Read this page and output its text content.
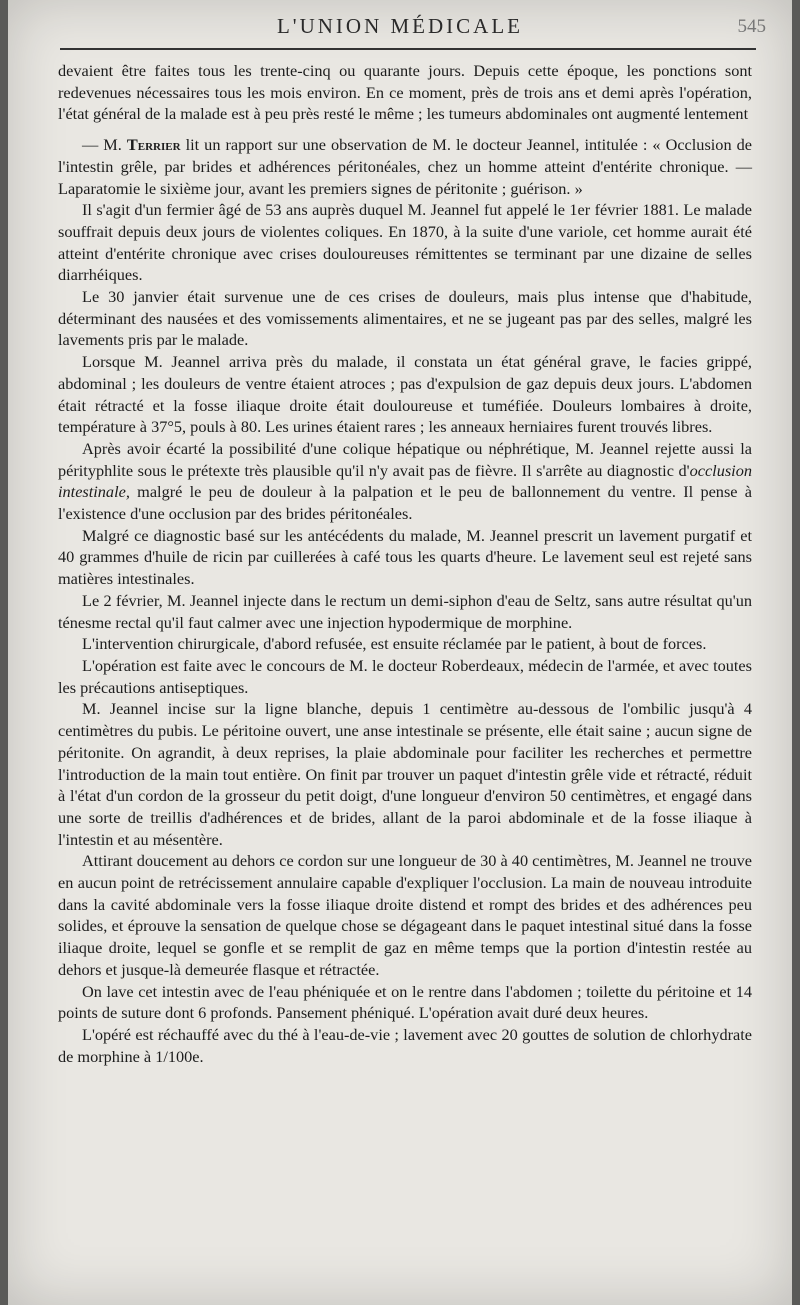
L'UNION MÉDICALE	545

devaient être faites tous les trente-cinq ou quarante jours. Depuis cette époque, les ponctions sont redevenues nécessaires tous les mois environ. En ce moment, près de trois ans et demi après l'opération, l'état général de la malade est à peu près resté le même ; les tumeurs abdominales ont augmenté lentement

— M. Terrier lit un rapport sur une observation de M. le docteur Jeannel, intitulée : « Occlusion de l'intestin grêle, par brides et adhérences péritonéales, chez un homme atteint d'entérite chronique. — Laparatomie le sixième jour, avant les premiers signes de péritonite ; guérison. »

Il s'agit d'un fermier âgé de 53 ans auprès duquel M. Jeannel fut appelé le 1er février 1881. Le malade souffrait depuis deux jours de violentes coliques. En 1870, à la suite d'une variole, cet homme aurait été atteint d'entérite chronique avec crises douloureuses rémittentes se terminant par une dizaine de selles diarrhéiques.

Le 30 janvier était survenue une de ces crises de douleurs, mais plus intense que d'habitude, déterminant des nausées et des vomissements alimentaires, et ne se jugeant pas par des selles, malgré les lavements pris par le malade.

Lorsque M. Jeannel arriva près du malade, il constata un état général grave, le facies grippé, abdominal ; les douleurs de ventre étaient atroces ; pas d'expulsion de gaz depuis deux jours. L'abdomen était rétracté et la fosse iliaque droite était douloureuse et tuméfiée. Douleurs lombaires à droite, température à 37°5, pouls à 80. Les urines étaient rares ; les anneaux herniaires furent trouvés libres.

Après avoir écarté la possibilité d'une colique hépatique ou néphrétique, M. Jeannel rejette aussi la pérityphlite sous le prétexte très plausible qu'il n'y avait pas de fièvre. Il s'arrête au diagnostic d'occlusion intestinale, malgré le peu de douleur à la palpation et le peu de ballonnement du ventre. Il pense à l'existence d'une occlusion par des brides péritonéales.

Malgré ce diagnostic basé sur les antécédents du malade, M. Jeannel prescrit un lavement purgatif et 40 grammes d'huile de ricin par cuillerées à café tous les quarts d'heure. Le lavement seul est rejeté sans matières intestinales.

Le 2 février, M. Jeannel injecte dans le rectum un demi-siphon d'eau de Seltz, sans autre résultat qu'un ténesme rectal qu'il faut calmer avec une injection hypodermique de morphine.

L'intervention chirurgicale, d'abord refusée, est ensuite réclamée par le patient, à bout de forces.

L'opération est faite avec le concours de M. le docteur Roberdeaux, médecin de l'armée, et avec toutes les précautions antiseptiques.

M. Jeannel incise sur la ligne blanche, depuis 1 centimètre au-dessous de l'ombilic jusqu'à 4 centimètres du pubis. Le péritoine ouvert, une anse intestinale se présente, elle était saine ; aucun signe de péritonite. On agrandit, à deux reprises, la plaie abdominale pour faciliter les recherches et permettre l'introduction de la main tout entière. On finit par trouver un paquet d'intestin grêle vide et rétracté, réduit à l'état d'un cordon de la grosseur du petit doigt, d'une longueur d'environ 50 centimètres, et engagé dans une sorte de treillis d'adhérences et de brides, allant de la paroi abdominale et de la fosse iliaque à l'intestin et au mésentère.

Attirant doucement au dehors ce cordon sur une longueur de 30 à 40 centimètres, M. Jeannel ne trouve en aucun point de retrécissement annulaire capable d'expliquer l'occlusion. La main de nouveau introduite dans la cavité abdominale vers la fosse iliaque droite distend et rompt des brides et des adhérences peu solides, et éprouve la sensation de quelque chose se dégageant dans le paquet intestinal situé dans la fosse iliaque droite, lequel se gonfle et se remplit de gaz en même temps que la portion d'intestin restée au dehors et jusque-là demeurée flasque et rétractée.

On lave cet intestin avec de l'eau phéniquée et on le rentre dans l'abdomen ; toilette du péritoine et 14 points de suture dont 6 profonds. Pansement phéniqué. L'opération avait duré deux heures.

L'opéré est réchauffé avec du thé à l'eau-de-vie ; lavement avec 20 gouttes de solution de chlorhydrate de morphine à 1/100e.
